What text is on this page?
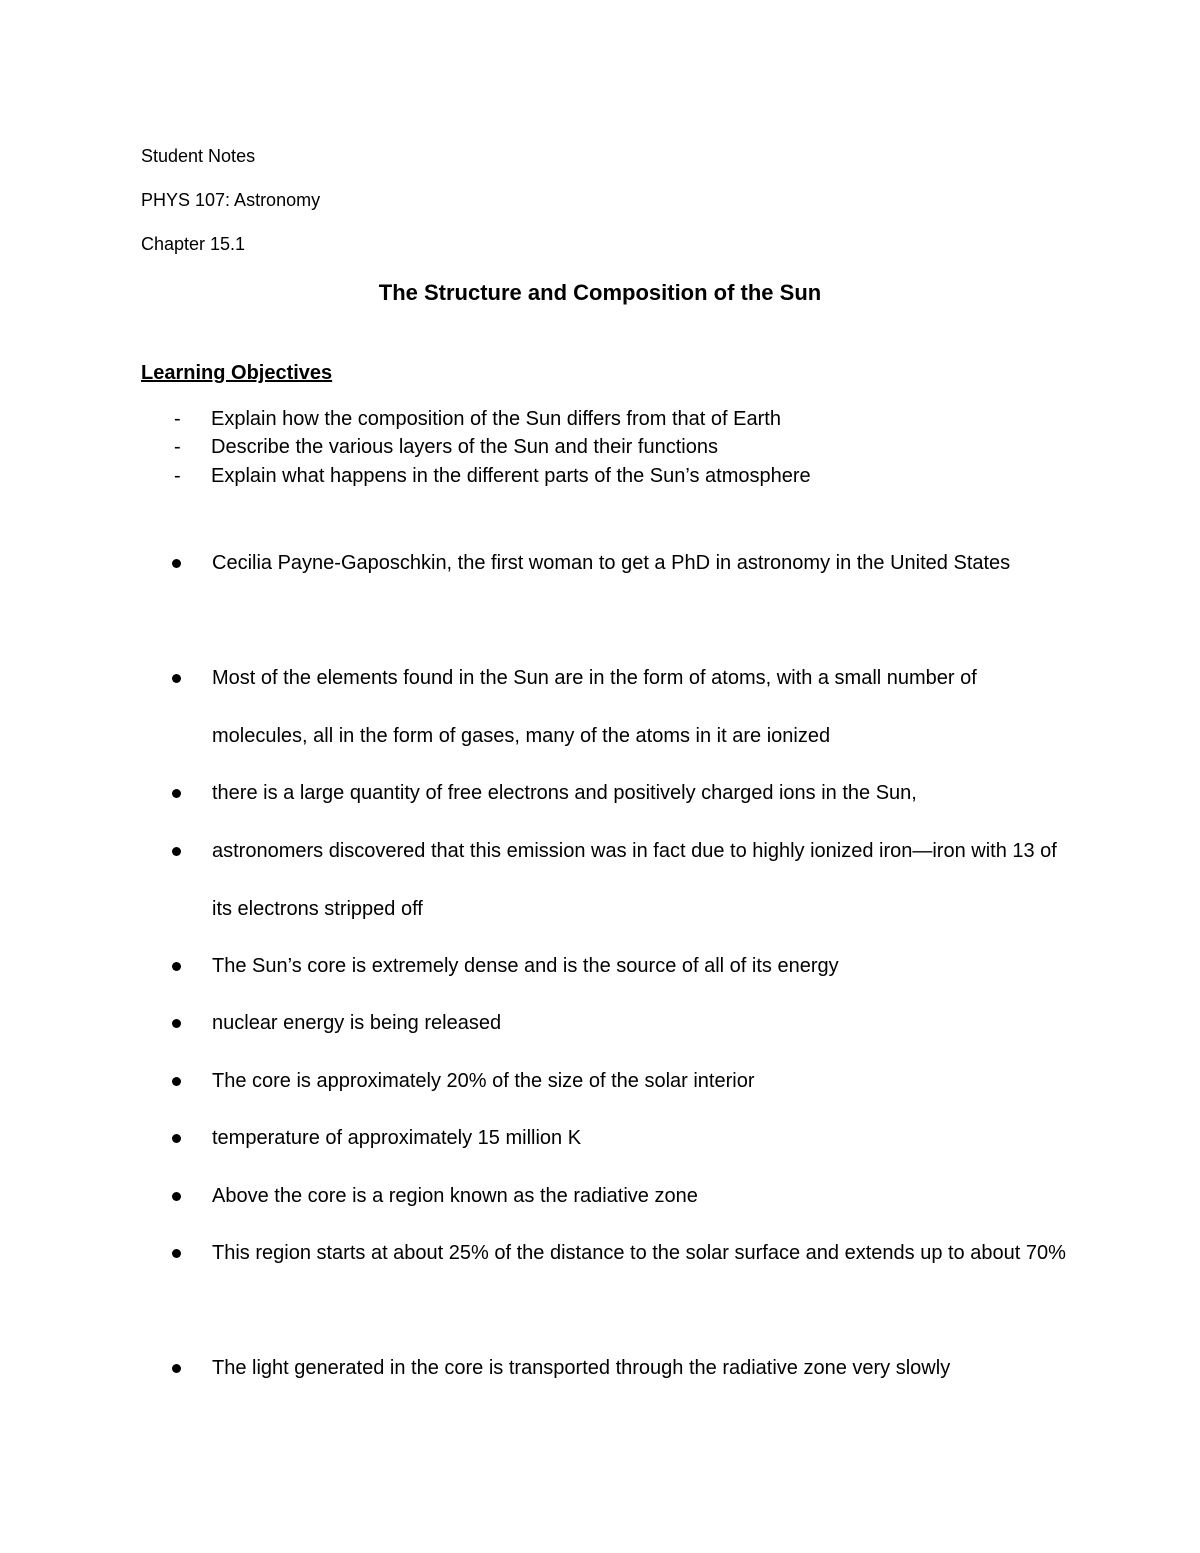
Student Notes
PHYS 107: Astronomy
Chapter 15.1
The Structure and Composition of the Sun
Learning Objectives
- Explain how the composition of the Sun differs from that of Earth
- Describe the various layers of the Sun and their functions
- Explain what happens in the different parts of the Sun’s atmosphere
Cecilia Payne-Gaposchkin, the first woman to get a PhD in astronomy in the United States
Most of the elements found in the Sun are in the form of atoms, with a small number of molecules, all in the form of gases, many of the atoms in it are ionized
there is a large quantity of free electrons and positively charged ions in the Sun,
astronomers discovered that this emission was in fact due to highly ionized iron—iron with 13 of its electrons stripped off
The Sun’s core is extremely dense and is the source of all of its energy
nuclear energy is being released
The core is approximately 20% of the size of the solar interior
temperature of approximately 15 million K
Above the core is a region known as the radiative zone
This region starts at about 25% of the distance to the solar surface and extends up to about 70%
The light generated in the core is transported through the radiative zone very slowly
